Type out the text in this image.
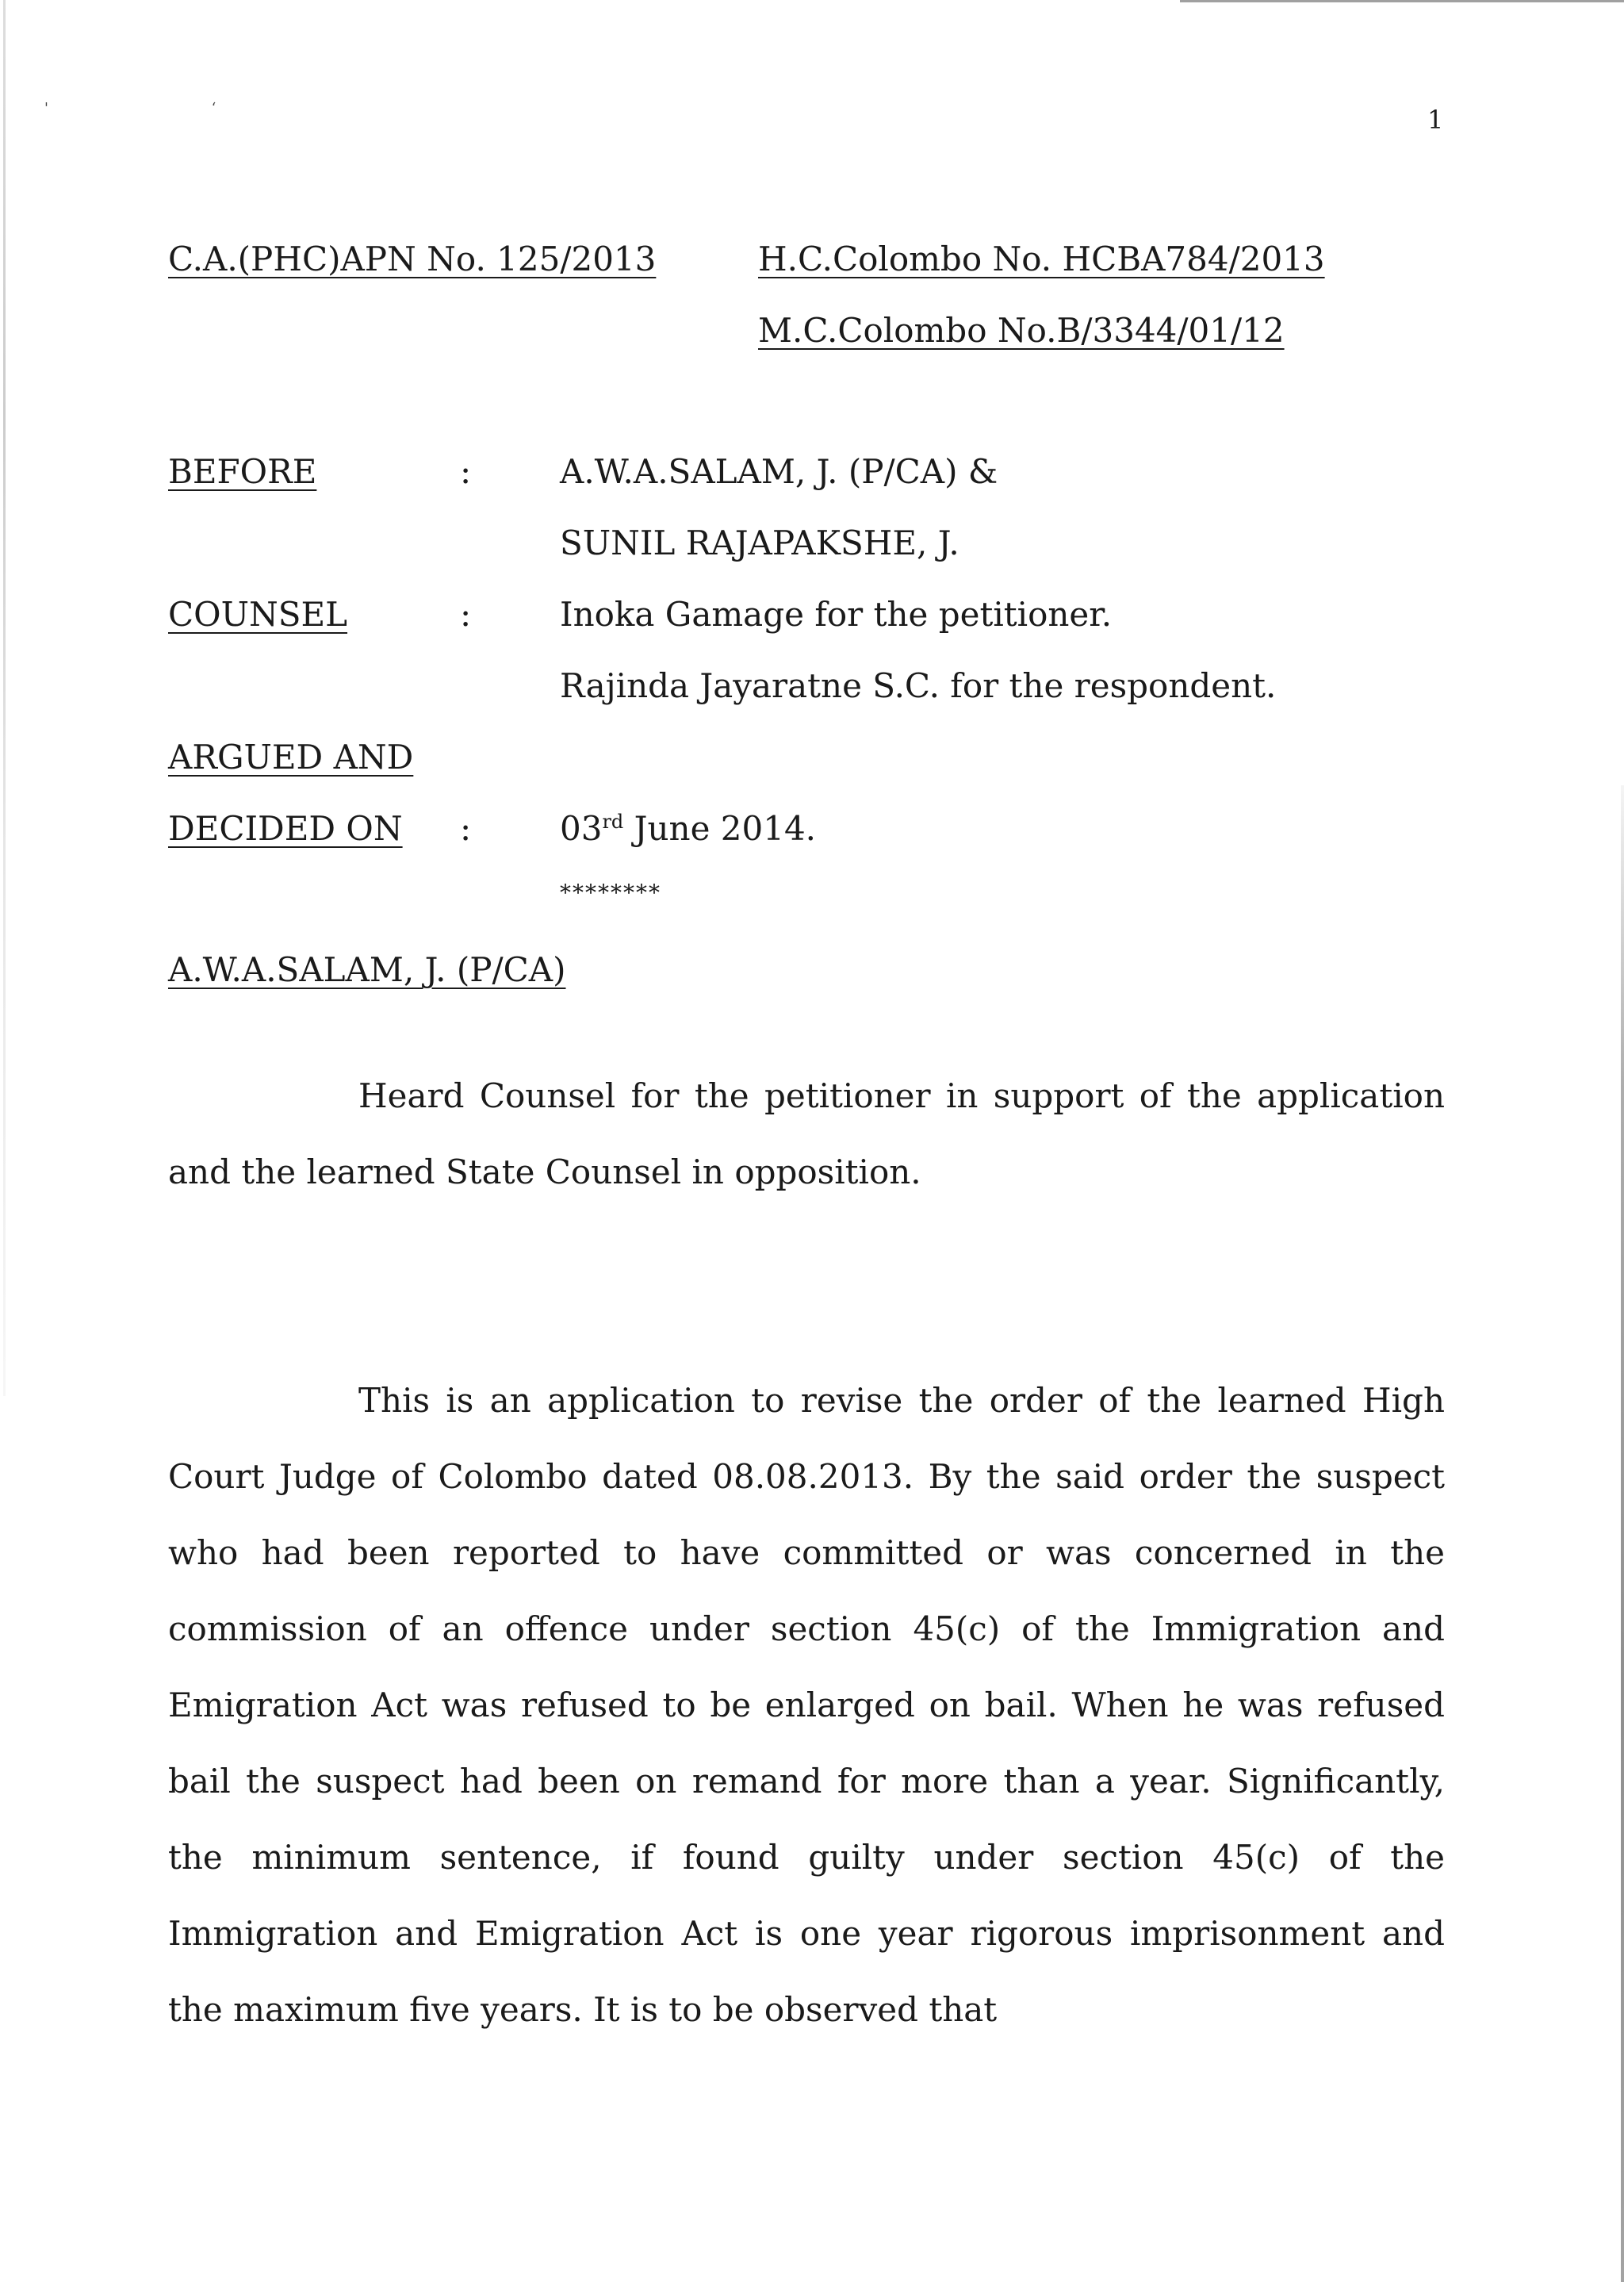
' ‘	1
C.A.(PHC)APN No. 125/2013	H.C.Colombo No. HCBA784/2013
M.C.Colombo No.B/3344/01/12
BEFORE	:	A.W.A.SALAM, J. (P/CA) &
SUNIL RAJAPAKSHE, J.
COUNSEL	:	Inoka Gamage for the petitioner.
Rajinda Jayaratne S.C. for the respondent.
ARGUED AND
DECIDED ON :	03rd June 2014.
********
A.W.A.SALAM, J. (P/CA)

Heard Counsel for the petitioner in support of the application and the learned State Counsel in opposition.

This is an application to revise the order of the learned High Court Judge of Colombo dated 08.08.2013. By the said order the suspect who had been reported to have committed or was concerned in the commission of an offence under section 45(c) of the Immigration and Emigration Act was refused to be enlarged on bail. When he was refused bail the suspect had been on remand for more than a year. Significantly, the minimum sentence, if found guilty under section 45(c) of the Immigration and Emigration Act is one year rigorous imprisonment and the maximum five years. It is to be observed that
